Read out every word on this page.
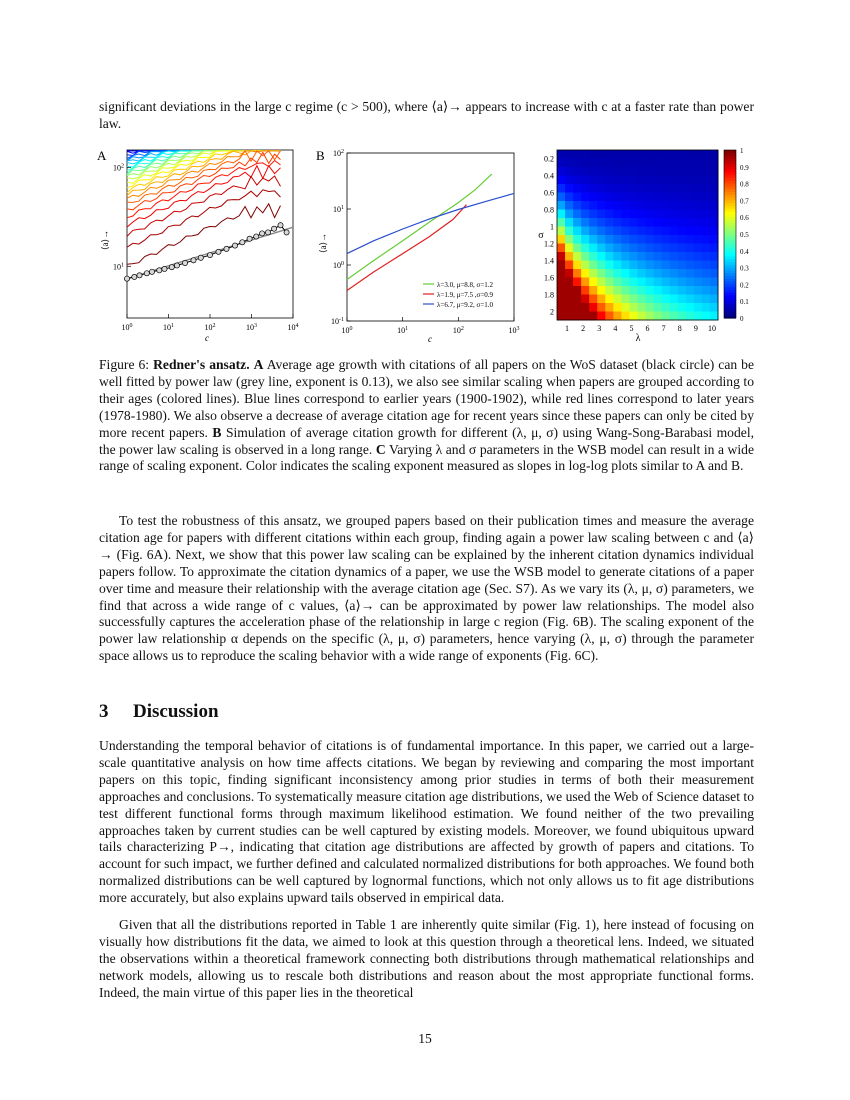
significant deviations in the large c regime (c > 500), where ⟨a⟩→ appears to increase with c at a faster rate than power law.

A	B
$10^0$	$10^1$	$10^2$	$10^3$	$10^4$
$10^1$
$10^2$
c
⟨a⟩→
$10^0$	$10^1$	$10^2$	$10^3$
$10^{-1}$
$10^0$
$10^1$
$10^2$
λ=3.0, μ=8.8, σ=1.2
λ=1.9, μ=7.5 ,σ=0.9
λ=6.7, μ=9.2, σ=1.0
c
⟨a⟩→
1 2 3 4 5 6 7 8 9 10
0.2
0.4
0.6
0.8
1
1.2
1.4
1.6
1.8
2
1
0.9
0.8
0.7
0.6
0.5
0.4
0.3
0.2
0.1
0
λ
σ

Figure 6: Redner's ansatz. A Average age growth with citations of all papers on the WoS dataset (black circle) can be well fitted by power law (grey line, exponent is 0.13), we also see similar scaling when papers are grouped according to their ages (colored lines). Blue lines correspond to earlier years (1900-1902), while red lines correspond to later years (1978-1980). We also observe a decrease of average citation age for recent years since these papers can only be cited by more recent papers. B Simulation of average citation growth for different (λ, μ, σ) using Wang-Song-Barabasi model, the power law scaling is observed in a long range. C Varying λ and σ parameters in the WSB model can result in a wide range of scaling exponent. Color indicates the scaling exponent measured as slopes in log-log plots similar to A and B.

To test the robustness of this ansatz, we grouped papers based on their publication times and measure the average citation age for papers with different citations within each group, finding again a power law scaling between c and ⟨a⟩→ (Fig. 6A). Next, we show that this power law scaling can be explained by the inherent citation dynamics individual papers follow. To approximate the citation dynamics of a paper, we use the WSB model to generate citations of a paper over time and measure their relationship with the average citation age (Sec. S7). As we vary its (λ, μ, σ) parameters, we find that across a wide range of c values, ⟨a⟩→ can be approximated by power law relationships. The model also successfully captures the acceleration phase of the relationship in large c region (Fig. 6B). The scaling exponent of the power law relationship α depends on the specific (λ, μ, σ) parameters, hence varying (λ, μ, σ) through the parameter space allows us to reproduce the scaling behavior with a wide range of exponents (Fig. 6C).

3 Discussion

Understanding the temporal behavior of citations is of fundamental importance. In this paper, we carried out a large-scale quantitative analysis on how time affects citations. We began by reviewing and comparing the most important papers on this topic, finding significant inconsistency among prior studies in terms of both their measurement approaches and conclusions. To systematically measure citation age distributions, we used the Web of Science dataset to test different functional forms through maximum likelihood estimation. We found neither of the two prevailing approaches taken by current studies can be well captured by existing models. Moreover, we found ubiquitous upward tails characterizing P→, indicating that citation age distributions are affected by growth of papers and citations. To account for such impact, we further defined and calculated normalized distributions for both approaches. We found both normalized distributions can be well captured by lognormal functions, which not only allows us to fit age distributions more accurately, but also explains upward tails observed in empirical data.

Given that all the distributions reported in Table 1 are inherently quite similar (Fig. 1), here instead of focusing on visually how distributions fit the data, we aimed to look at this question through a theoretical lens. Indeed, we situated the observations within a theoretical framework connecting both distributions through mathematical relationships and network models, allowing us to rescale both distributions and reason about the most appropriate functional forms. Indeed, the main virtue of this paper lies in the theoretical

15
